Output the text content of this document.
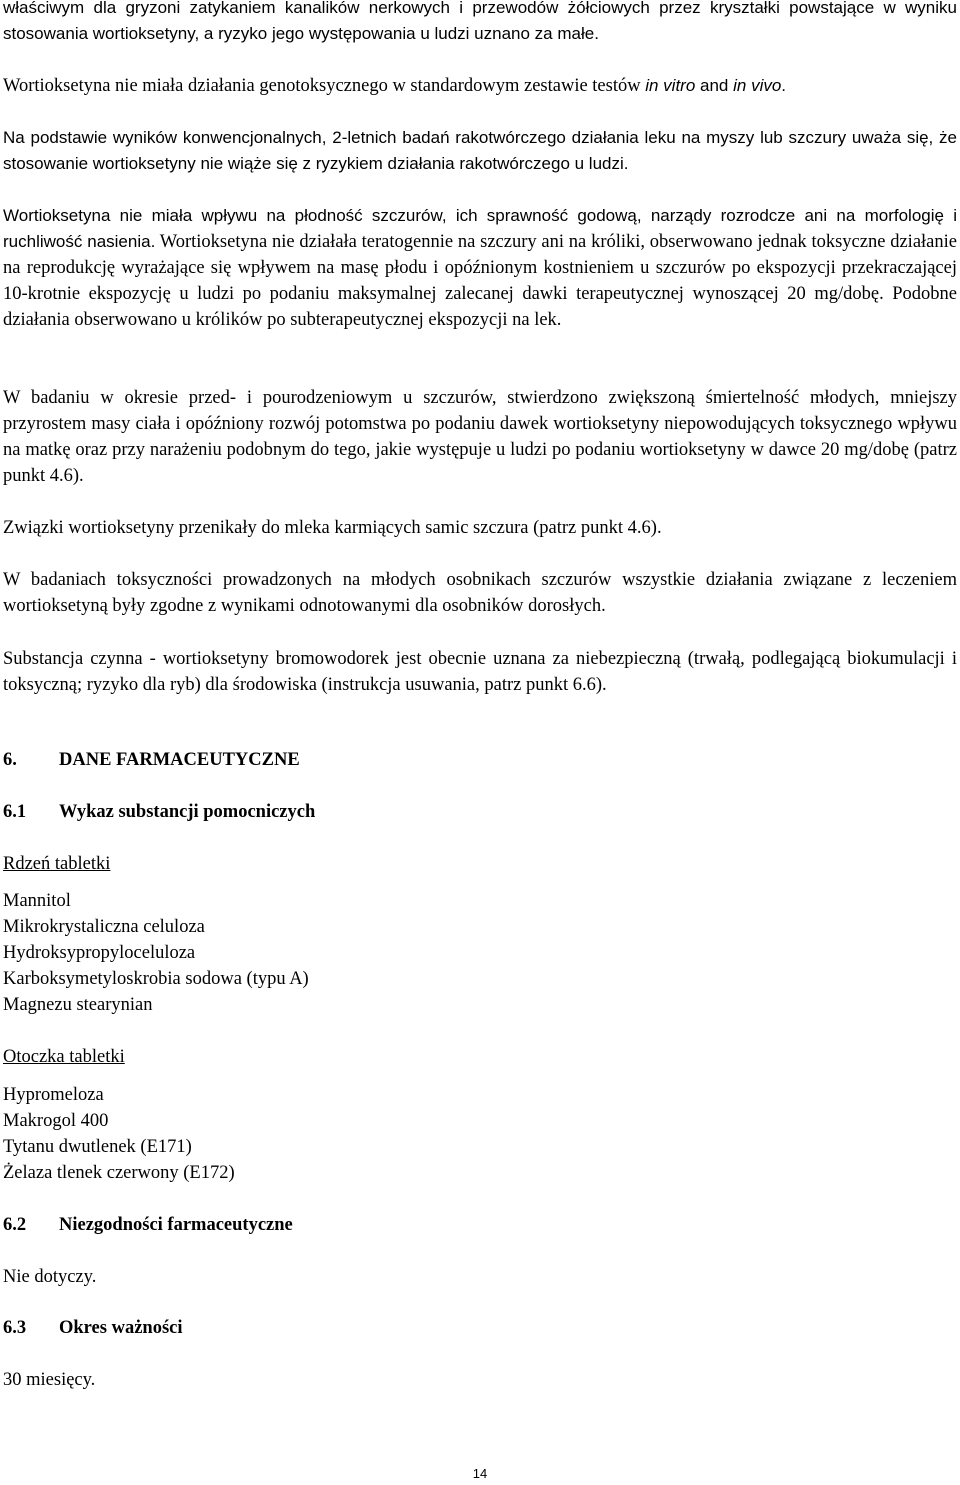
właściwym dla gryzoni zatykaniem kanalików nerkowych i przewodów żółciowych przez kryształki powstające w wyniku stosowania wortioksetyny, a ryzyko jego występowania u ludzi uznano za małe.

Wortioksetyna nie miała działania genotoksycznego w standardowym zestawie testów in vitro and in vivo.

Na podstawie wyników konwencjonalnych, 2-letnich badań rakotwórczego działania leku na myszy lub szczury uważa się, że stosowanie wortioksetyny nie wiąże się z ryzykiem działania rakotwórczego u ludzi.

Wortioksetyna nie miała wpływu na płodność szczurów, ich sprawność godową, narządy rozrodcze ani na morfologię i ruchliwość nasienia. Wortioksetyna nie działała teratogennie na szczury ani na króliki, obserwowano jednak toksyczne działanie na reprodukcję wyrażające się wpływem na masę płodu i opóźnionym kostnieniem u szczurów po ekspozycji przekraczającej 10-krotnie ekspozycję u ludzi po podaniu maksymalnej zalecanej dawki terapeutycznej wynoszącej 20 mg/dobę. Podobne działania obserwowano u królików po subterapeutycznej ekspozycji na lek.

W badaniu w okresie przed- i pourodzeniowym u szczurów, stwierdzono zwiększoną śmiertelność młodych, mniejszy przyrostem masy ciała i opóźniony rozwój potomstwa po podaniu dawek wortioksetyny niepowodujących toksycznego wpływu na matkę oraz przy narażeniu podobnym do tego, jakie występuje u ludzi po podaniu wortioksetyny w dawce 20 mg/dobę (patrz punkt 4.6).

Związki wortioksetyny przenikały do mleka karmiących samic szczura (patrz punkt 4.6).

W badaniach toksyczności prowadzonych na młodych osobnikach szczurów wszystkie działania związane z leczeniem wortioksetyną były zgodne z wynikami odnotowanymi dla osobników dorosłych.

Substancja czynna - wortioksetyny bromowodorek jest obecnie uznana za niebezpieczną (trwałą, podlegającą biokumulacji i toksyczną; ryzyko dla ryb) dla środowiska (instrukcja usuwania, patrz punkt 6.6).

6. DANE FARMACEUTYCZNE

6.1 Wykaz substancji pomocniczych

Rdzeń tabletki

Mannitol
Mikrokrystaliczna celuloza
Hydroksypropyloceluloza
Karboksymetyloskrobia sodowa (typu A)
Magnezu stearynian

Otoczka tabletki

Hypromeloza
Makrogol 400
Tytanu dwutlenek (E171)
Żelaza tlenek czerwony (E172)

6.2 Niezgodności farmaceutyczne

Nie dotyczy.

6.3 Okres ważności

30 miesięcy.

14
